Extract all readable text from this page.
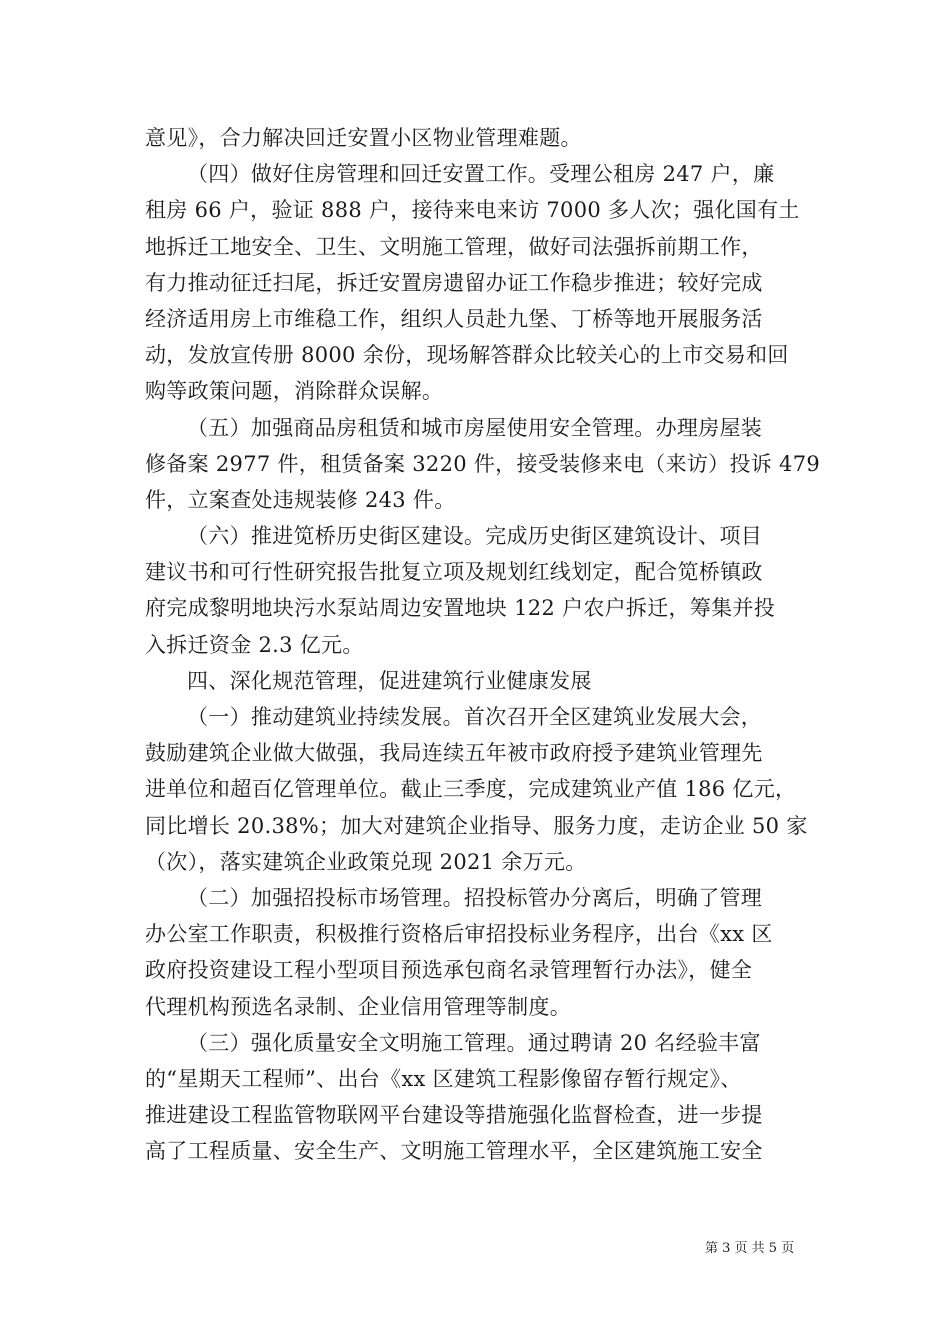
意见》，合力解决回迁安置小区物业管理难题。
（四）做好住房管理和回迁安置工作。受理公租房 247 户，廉
租房 66 户，验证 888 户，接待来电来访 7000 多人次；强化国有土
地拆迁工地安全、卫生、文明施工管理，做好司法强拆前期工作，
有力推动征迁扫尾，拆迁安置房遗留办证工作稳步推进；较好完成
经济适用房上市维稳工作，组织人员赴九堡、丁桥等地开展服务活
动，发放宣传册 8000 余份，现场解答群众比较关心的上市交易和回
购等政策问题，消除群众误解。
（五）加强商品房租赁和城市房屋使用安全管理。办理房屋装
修备案 2977 件，租赁备案 3220 件，接受装修来电（来访）投诉 479
件，立案查处违规装修 243 件。
（六）推进笕桥历史街区建设。完成历史街区建筑设计、项目
建议书和可行性研究报告批复立项及规划红线划定，配合笕桥镇政
府完成黎明地块污水泵站周边安置地块 122 户农户拆迁，筹集并投
入拆迁资金 2.3 亿元。
四、深化规范管理，促进建筑行业健康发展
（一）推动建筑业持续发展。首次召开全区建筑业发展大会，
鼓励建筑企业做大做强，我局连续五年被市政府授予建筑业管理先
进单位和超百亿管理单位。截止三季度，完成建筑业产值 186 亿元，
同比增长 20.38%；加大对建筑企业指导、服务力度，走访企业 50 家
（次），落实建筑企业政策兑现 2021 余万元。
（二）加强招投标市场管理。招投标管办分离后，明确了管理
办公室工作职责，积极推行资格后审招投标业务程序，出台《xx 区
政府投资建设工程小型项目预选承包商名录管理暂行办法》，健全
代理机构预选名录制、企业信用管理等制度。
（三）强化质量安全文明施工管理。通过聘请 20 名经验丰富
的“星期天工程师”、出台《xx 区建筑工程影像留存暂行规定》、
推进建设工程监管物联网平台建设等措施强化监督检查，进一步提
高了工程质量、安全生产、文明施工管理水平，全区建筑施工安全
第 3 页 共 5 页
